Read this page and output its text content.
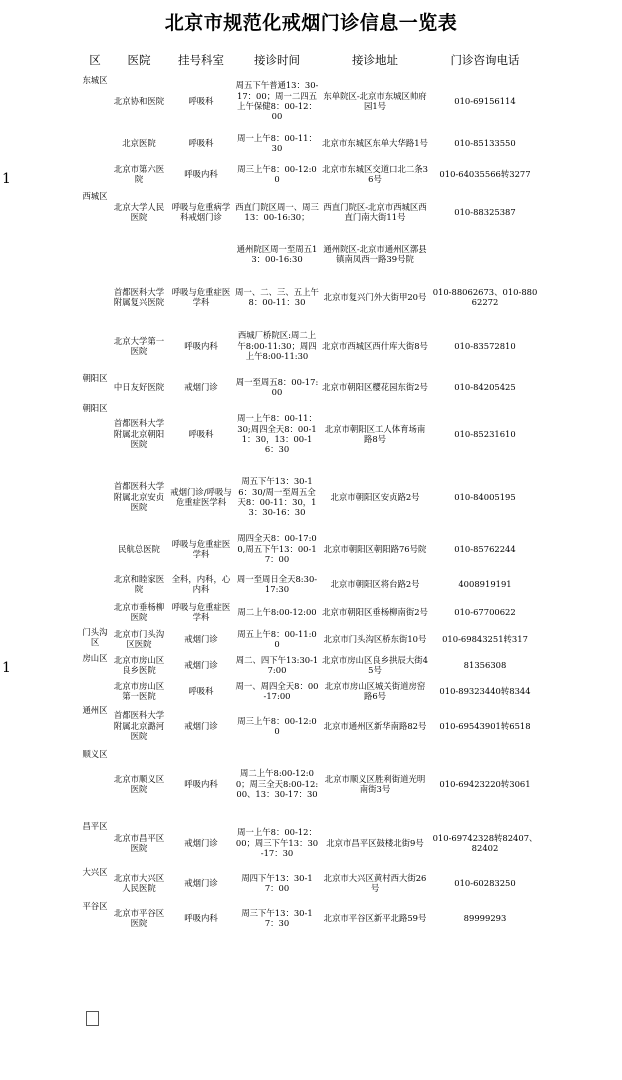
北京市规范化戒烟门诊信息一览表
1
1
区	医院	挂号科室	接诊时间	接诊地址	门诊咨询电话
东城区	北京协和医院	呼吸科	周五下午普通13：30-17：00；周一二四五上午保健8：00-12：00	东单院区-北京市东城区帅府园1号	010-69156114
	北京医院	呼吸科	周一上午8：00-11：30	北京市东城区东单大华路1号	010-85133550
	北京市第六医院	呼吸内科	周三上午8：00-12:00	北京市东城区交道口北二条36号	010-64035566转3277
西城区	北京大学人民医院	呼吸与危重病学科戒烟门诊	西直门院区周一、周三13：00-16:30；	西直门院区-北京市西城区西直门南大街11号	010-88325387
			通州院区周一至周五13：00-16:30	通州院区-北京市通州区漷县镇南凤西一路39号院	
	首都医科大学附属复兴医院	呼吸与危重症医学科	周一、二、三、五上午8：00-11：30	北京市复兴门外大街甲20号	010-88062673、010-88062272
	北京大学第一医院	呼吸内科	西城厂桥院区:周二上午8:00-11:30；周四上午8:00-11:30	北京市西城区西什库大街8号	010-83572810
朝阳区	中日友好医院	戒烟门诊	周一至周五8：00-17:00	北京市朝阳区樱花园东街2号	010-84205425
朝阳区	首都医科大学附属北京朝阳医院	呼吸科	周一上午8：00-11：30;周四全天8：00-11：30，13：00-16：30	北京市朝阳区工人体育场南路8号	010-85231610
	首都医科大学附属北京安贞医院	戒烟门诊/呼吸与危重症医学科	周五下午13：30-16：30/周一至周五全天8：00-11：30，13：30-16：30	北京市朝阳区安贞路2号	010-84005195
	民航总医院	呼吸与危重症医学科	周四全天8：00-17:00,周五下午13：00-17：00	北京市朝阳区朝阳路76号院	010-85762244
	北京和睦家医院	全科，内科，心内科	周一至周日全天8:30-17:30	北京市朝阳区将台路2号	4008919191
	北京市垂杨柳医院	呼吸与危重症医学科	周二上午8:00-12:00	北京市朝阳区垂杨柳南街2号	010-67700622
门头沟区	北京市门头沟区医院	戒烟门诊	周五上午8：00-11:00	北京市门头沟区桥东街10号	010-69843251转317
房山区	北京市房山区良乡医院	戒烟门诊	周二、四下午13:30-17:00	北京市房山区良乡拱辰大街45号	81356308
	北京市房山区第一医院	呼吸科	周一、周四全天8：00-17:00	北京市房山区城关街道房窑路6号	010-89323440转8344
通州区	首都医科大学附属北京潞河医院	戒烟门诊	周三上午8：00-12:00	北京市通州区新华南路82号	010-69543901转6518
顺义区	北京市顺义区医院	呼吸内科	周二上午8:00-12:00；周三全天8:00-12:00、13：30-17：30	北京市顺义区胜利街道光明南街3号	010-69423220转3061
昌平区	北京市昌平区医院	戒烟门诊	周一上午8：00-12：00；周三下午13：30-17：30	北京市昌平区鼓楼北街9号	010-69742328转82407、82402
大兴区	北京市大兴区人民医院	戒烟门诊	周四下午13：30-17：00	北京市大兴区黄村西大街26号	010-60283250
平谷区	北京市平谷区医院	呼吸内科	周三下午13：30-17：30	北京市平谷区新平北路59号	89999293
